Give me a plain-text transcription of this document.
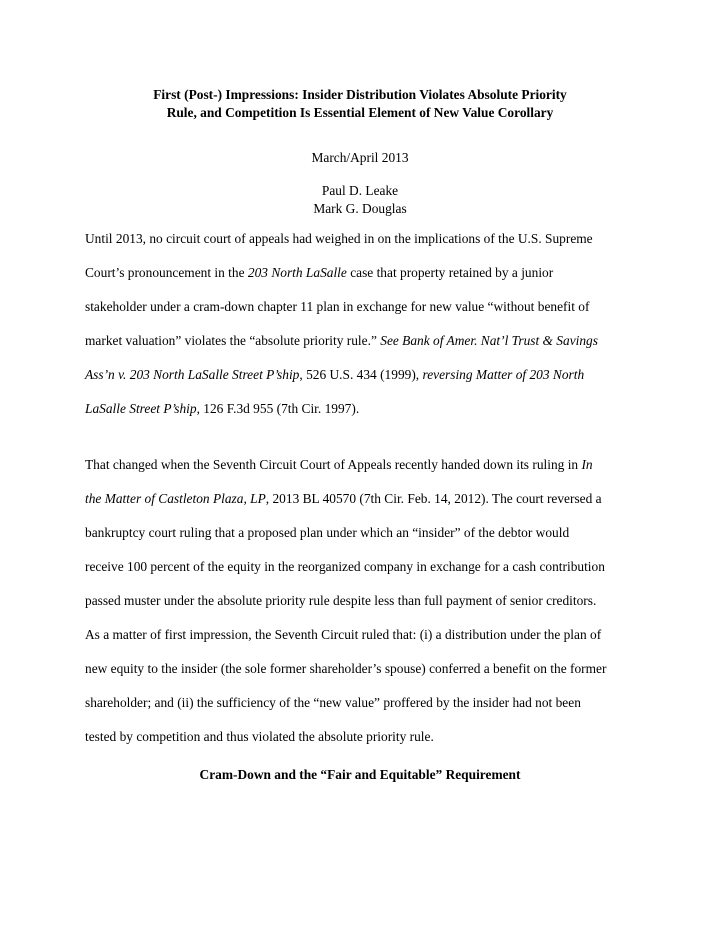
First (Post-) Impressions: Insider Distribution Violates Absolute Priority
Rule, and Competition Is Essential Element of New Value Corollary
March/April 2013
Paul D. Leake
Mark G. Douglas
Until 2013, no circuit court of appeals had weighed in on the implications of the U.S. Supreme
Court’s pronouncement in the 203 North LaSalle case that property retained by a junior
stakeholder under a cram-down chapter 11 plan in exchange for new value “without benefit of
market valuation” violates the “absolute priority rule.” See Bank of Amer. Nat’l Trust & Savings
Ass’n v. 203 North LaSalle Street P’ship, 526 U.S. 434 (1999), reversing Matter of 203 North
LaSalle Street P’ship, 126 F.3d 955 (7th Cir. 1997).
That changed when the Seventh Circuit Court of Appeals recently handed down its ruling in In
the Matter of Castleton Plaza, LP, 2013 BL 40570 (7th Cir. Feb. 14, 2012). The court reversed a
bankruptcy court ruling that a proposed plan under which an “insider” of the debtor would
receive 100 percent of the equity in the reorganized company in exchange for a cash contribution
passed muster under the absolute priority rule despite less than full payment of senior creditors.
As a matter of first impression, the Seventh Circuit ruled that: (i) a distribution under the plan of
new equity to the insider (the sole former shareholder’s spouse) conferred a benefit on the former
shareholder; and (ii) the sufficiency of the “new value” proffered by the insider had not been
tested by competition and thus violated the absolute priority rule.
Cram-Down and the “Fair and Equitable” Requirement
